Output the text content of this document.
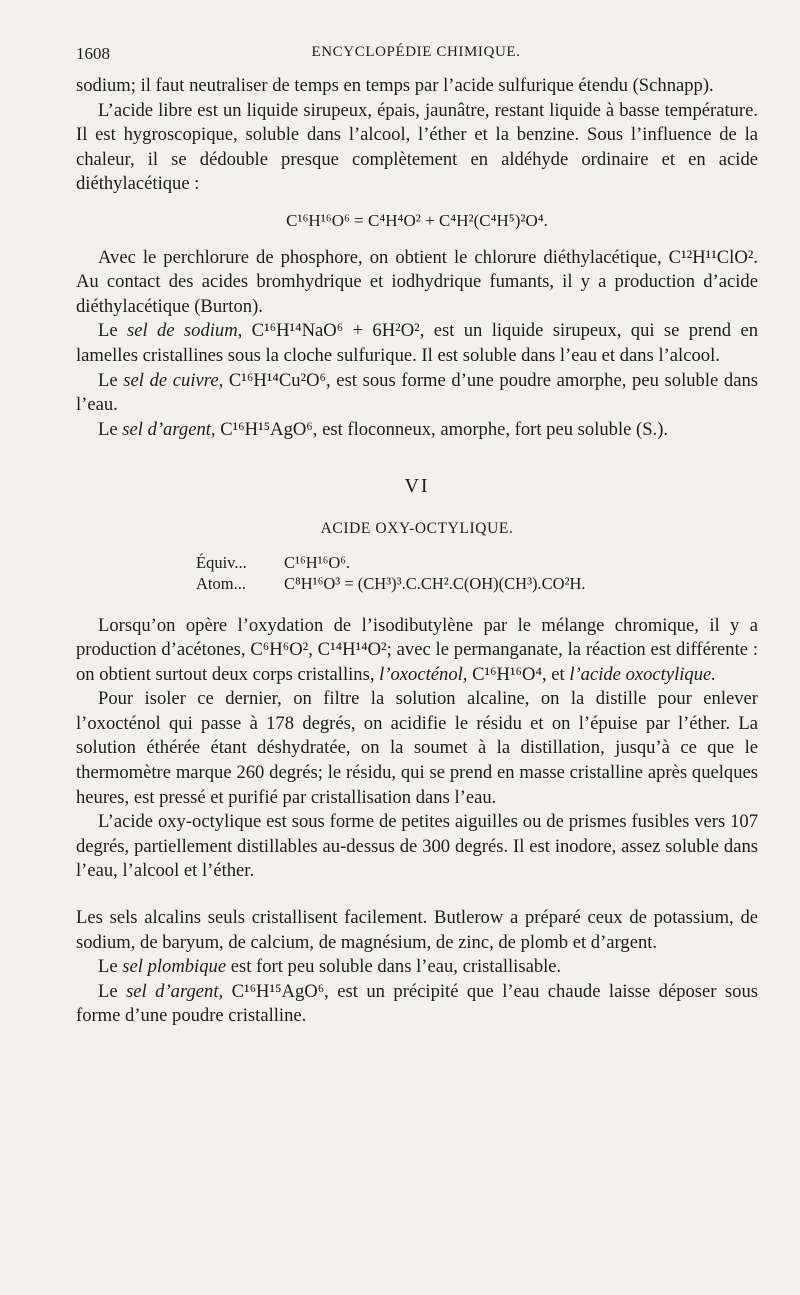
1608	ENCYCLOPÉDIE CHIMIQUE.

sodium; il faut neutraliser de temps en temps par l’acide sulfurique étendu (Schnapp).

L’acide libre est un liquide sirupeux, épais, jaunâtre, restant liquide à basse température. Il est hygroscopique, soluble dans l’alcool, l’éther et la benzine. Sous l’influence de la chaleur, il se dédouble presque complètement en aldéhyde ordinaire et en acide diéthylacétique :

C¹⁶H¹⁶O⁶ = C⁴H⁴O² + C⁴H²(C⁴H⁵)²O⁴.

Avec le perchlorure de phosphore, on obtient le chlorure diéthylacétique, C¹²H¹¹ClO². Au contact des acides bromhydrique et iodhydrique fumants, il y a production d’acide diéthylacétique (Burton).

Le sel de sodium, C¹⁶H¹⁴NaO⁶ + 6H²O², est un liquide sirupeux, qui se prend en lamelles cristallines sous la cloche sulfurique. Il est soluble dans l’eau et dans l’alcool.

Le sel de cuivre, C¹⁶H¹⁴Cu²O⁶, est sous forme d’une poudre amorphe, peu soluble dans l’eau.

Le sel d’argent, C¹⁶H¹⁵AgO⁶, est floconneux, amorphe, fort peu soluble (S.).

VI

ACIDE OXY-OCTYLIQUE.

Équiv... C¹⁶H¹⁶O⁶.

Atom... C⁸H¹⁶O³ = (CH³)³.C.CH².C(OH)(CH³).CO²H.

Lorsqu’on opère l’oxydation de l’isodibutylène par le mélange chromique, il y a production d’acétones, C⁶H⁶O², C¹⁴H¹⁴O²; avec le permanganate, la réaction est différente : on obtient surtout deux corps cristallins, l’oxocténol, C¹⁶H¹⁶O⁴, et l’acide oxoctylique.

Pour isoler ce dernier, on filtre la solution alcaline, on la distille pour enlever l’oxocténol qui passe à 178 degrés, on acidifie le résidu et on l’épuise par l’éther. La solution éthérée étant déshydratée, on la soumet à la distillation, jusqu’à ce que le thermomètre marque 260 degrés; le résidu, qui se prend en masse cristalline après quelques heures, est pressé et purifié par cristallisation dans l’eau.

L’acide oxy-octylique est sous forme de petites aiguilles ou de prismes fusibles vers 107 degrés, partiellement distillables au-dessus de 300 degrés. Il est inodore, assez soluble dans l’eau, l’alcool et l’éther.

Les sels alcalins seuls cristallisent facilement. Butlerow a préparé ceux de potassium, de sodium, de baryum, de calcium, de magnésium, de zinc, de plomb et d’argent.

Le sel plombique est fort peu soluble dans l’eau, cristallisable.

Le sel d’argent, C¹⁶H¹⁵AgO⁶, est un précipité que l’eau chaude laisse déposer sous forme d’une poudre cristalline.
